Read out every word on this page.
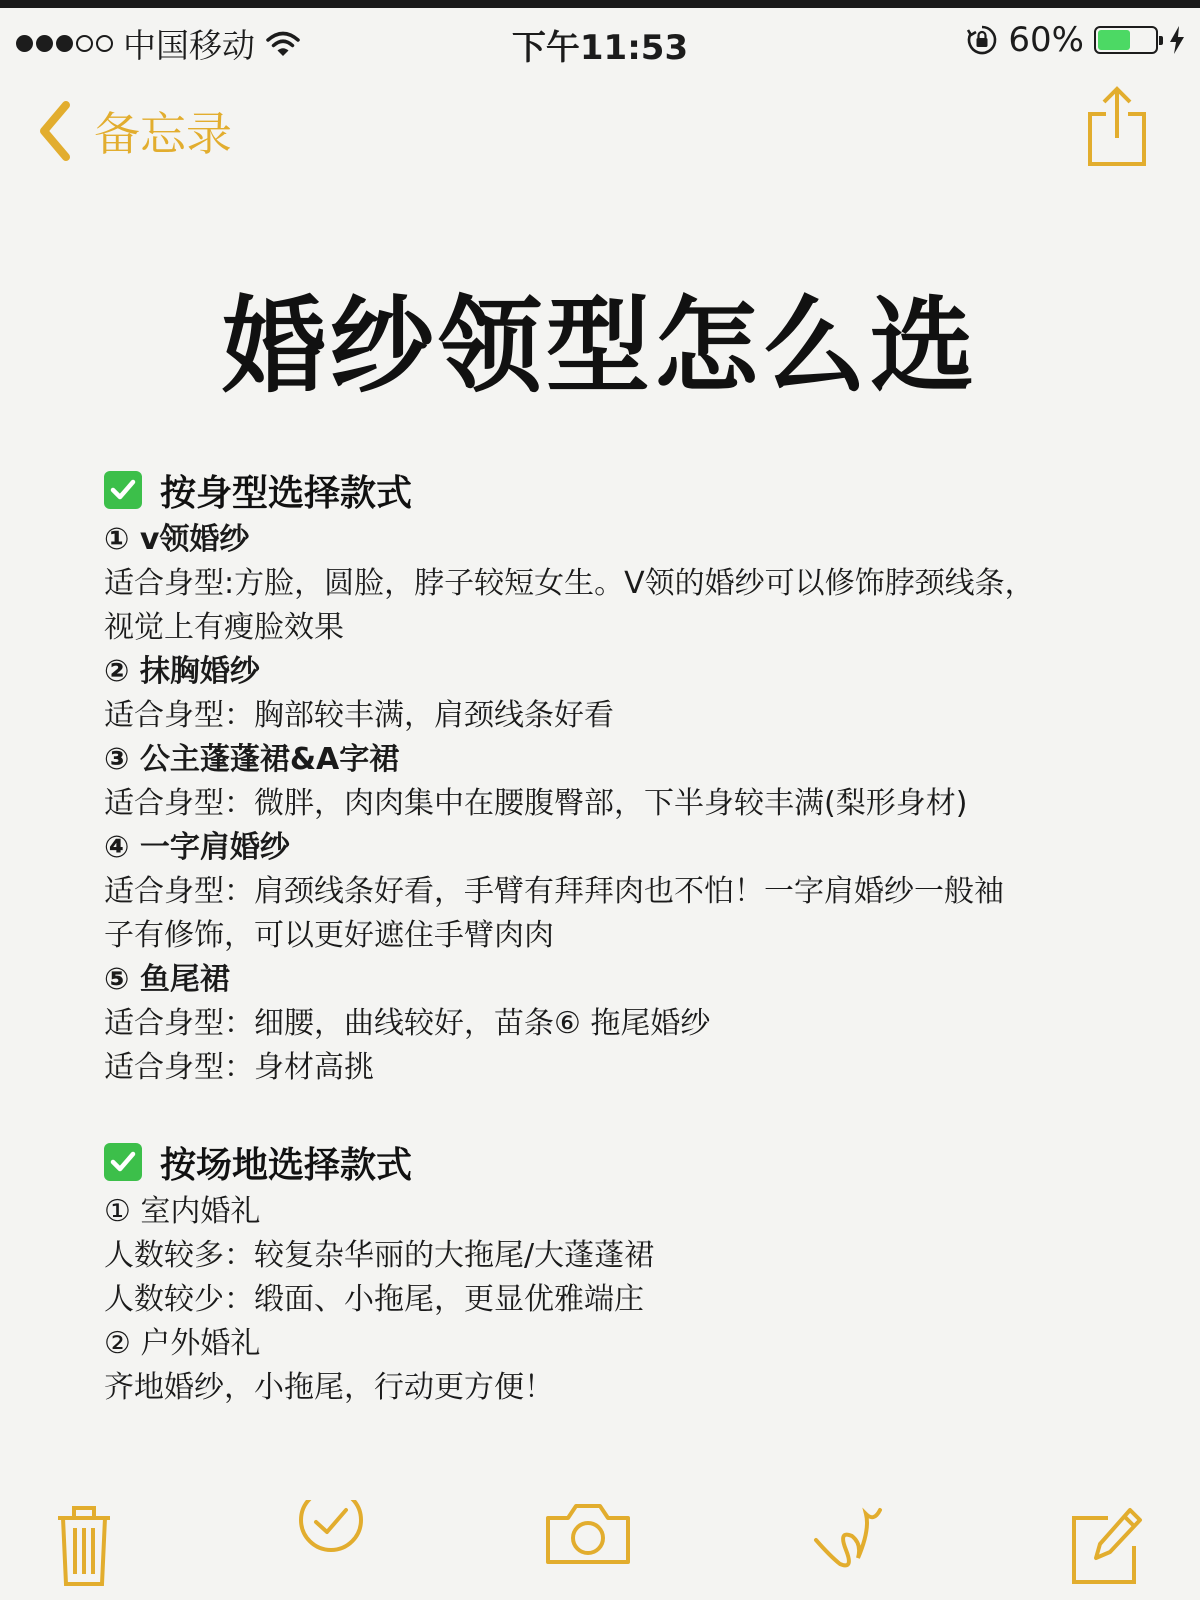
中国移动	下午11:53	60%
备忘录
婚纱领型怎么选
按身型选择款式
① v领婚纱
适合身型:方脸，圆脸，脖子较短女生。V领的婚纱可以修饰脖颈线条，
视觉上有瘦脸效果
② 抹胸婚纱
适合身型：胸部较丰满，肩颈线条好看
③ 公主蓬蓬裙&A字裙
适合身型：微胖，肉肉集中在腰腹臀部，下半身较丰满(梨形身材)
④ 一字肩婚纱
适合身型：肩颈线条好看，手臂有拜拜肉也不怕！一字肩婚纱一般袖
子有修饰，可以更好遮住手臂肉肉
⑤ 鱼尾裙
适合身型：细腰，曲线较好，苗条⑥ 拖尾婚纱
适合身型：身材高挑
按场地选择款式
① 室内婚礼
人数较多：较复杂华丽的大拖尾/大蓬蓬裙
人数较少：缎面、小拖尾，更显优雅端庄
② 户外婚礼
齐地婚纱，小拖尾，行动更方便！
